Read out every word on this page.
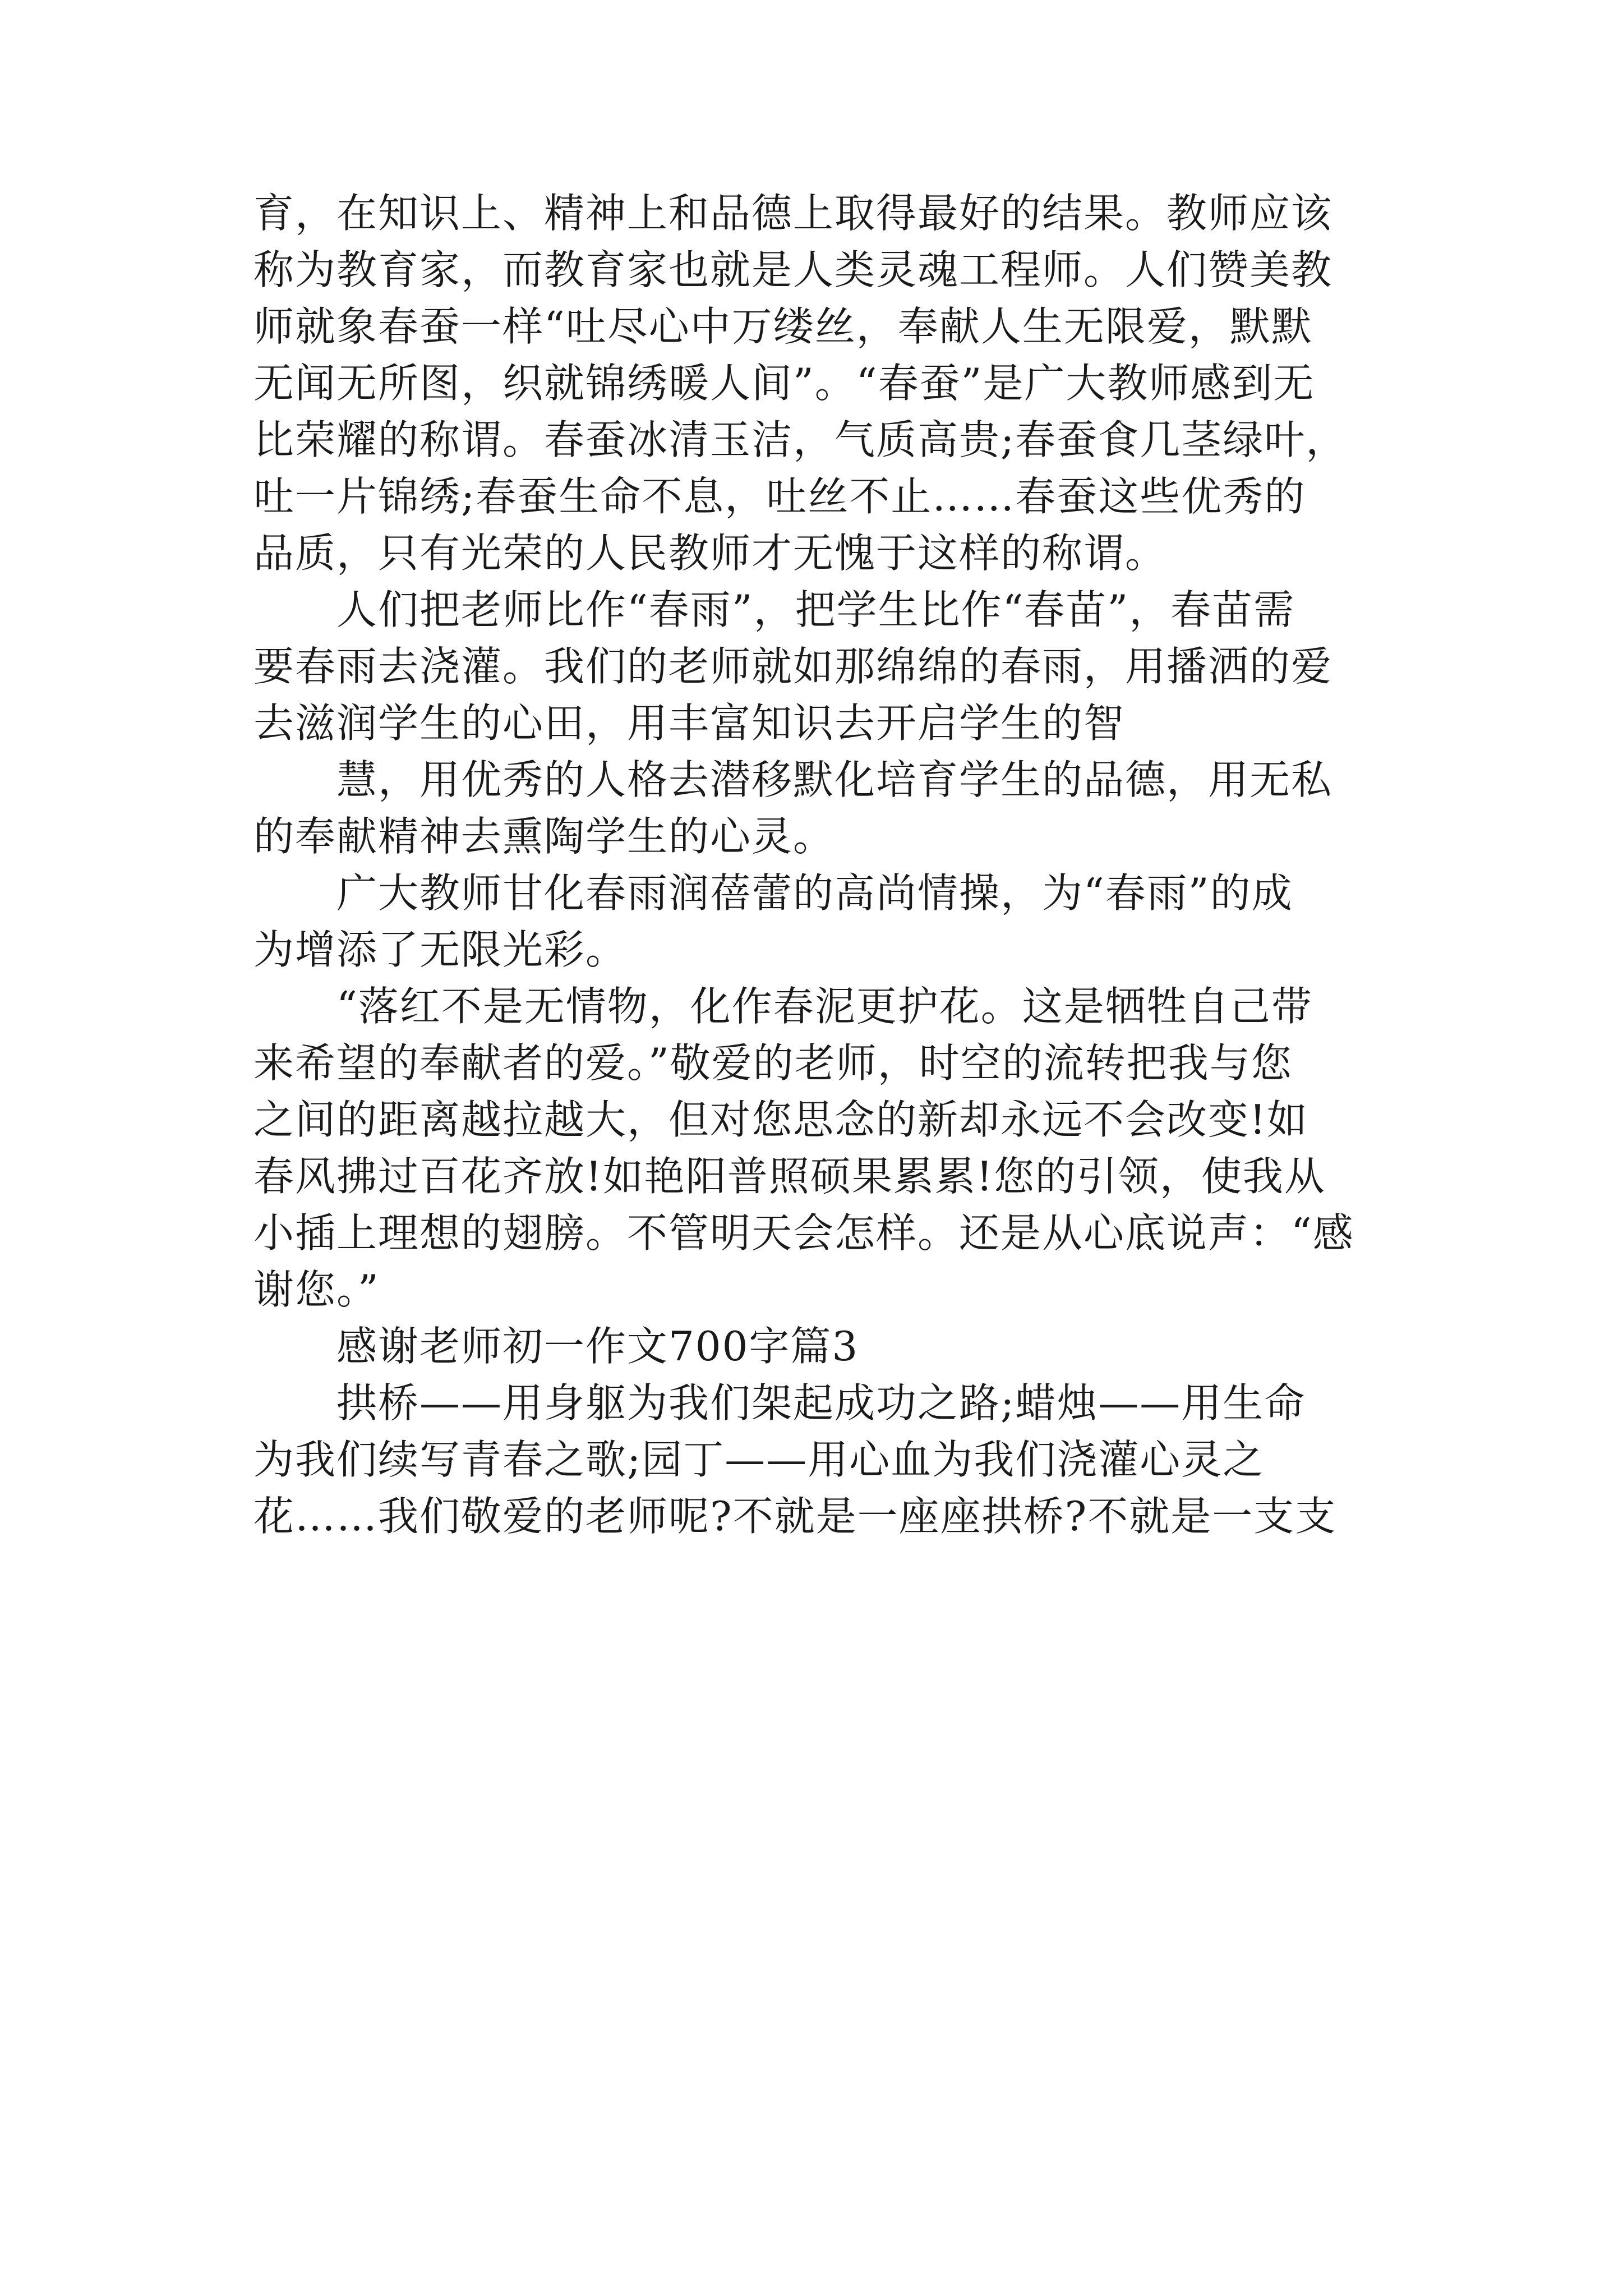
育，在知识上、精神上和品德上取得最好的结果。教师应该

称为教育家，而教育家也就是人类灵魂工程师。人们赞美教

师就象春蚕一样“吐尽心中万缕丝，奉献人生无限爱，默默

无闻无所图，织就锦绣暖人间”。“春蚕”是广大教师感到无

比荣耀的称谓。春蚕冰清玉洁，气质高贵;春蚕食几茎绿叶，

吐一片锦绣;春蚕生命不息，吐丝不止……春蚕这些优秀的

品质，只有光荣的人民教师才无愧于这样的称谓。

人们把老师比作“春雨”，把学生比作“春苗”，春苗需

要春雨去浇灌。我们的老师就如那绵绵的春雨，用播洒的爱

去滋润学生的心田，用丰富知识去开启学生的智

慧，用优秀的人格去潜移默化培育学生的品德，用无私

的奉献精神去熏陶学生的心灵。

广大教师甘化春雨润蓓蕾的高尚情操，为“春雨”的成

为增添了无限光彩。

“落红不是无情物，化作春泥更护花。这是牺牲自己带

来希望的奉献者的爱。”敬爱的老师，时空的流转把我与您

之间的距离越拉越大，但对您思念的新却永远不会改变!如

春风拂过百花齐放!如艳阳普照硕果累累!您的引领，使我从

小插上理想的翅膀。不管明天会怎样。还是从心底说声：“感

谢您。”

感谢老师初一作文700字篇3

拱桥——用身躯为我们架起成功之路;蜡烛——用生命

为我们续写青春之歌;园丁——用心血为我们浇灌心灵之

花……我们敬爱的老师呢?不就是一座座拱桥?不就是一支支
